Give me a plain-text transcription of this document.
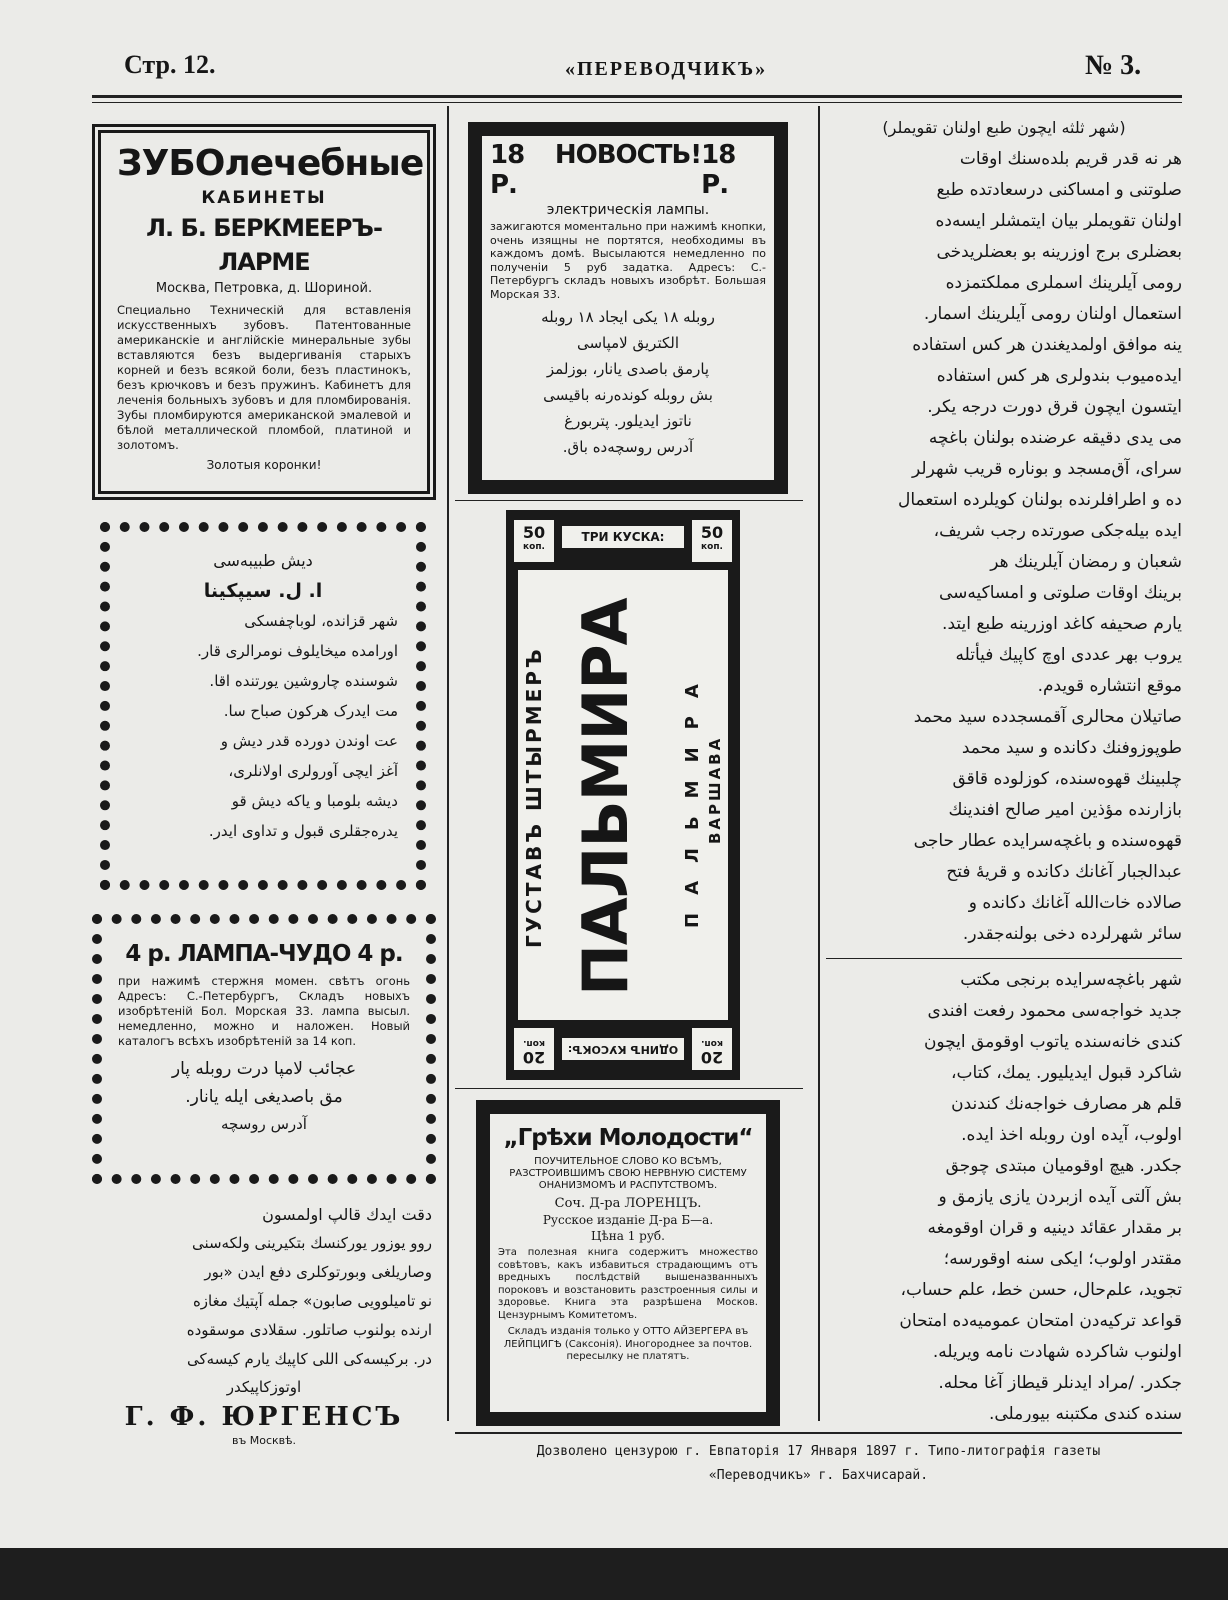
Стр. 12.	«ПЕРЕВОДЧИКЪ»	№ 3.
ЗУБОлечебные
КАБИНЕТЫ
Л. Б. БЕРКМЕЕРЪ-ЛАРМЕ
Москва, Петровка, д. Шориной.
Специально Техническій для вставленія искусственныхъ зубовъ. Патентованные американскіе и англійскіе минеральные зубы вставляются безъ выдергиванія старыхъ корней и безъ всякой боли, безъ пластинокъ, безъ крючковъ и безъ пружинъ. Кабинетъ для леченія больныхъ зубовъ и для пломбированія. Зубы пломбируются американской эмалевой и бѣлой металлической пломбой, платиной и золотомъ.
Золотыя коронки!
دیش طبیبەسی
ا. ل. سیپکینا
شهر قزانده، لوباچفسکی
اورامده میخایلوف نومرالری قار.
شوسنده چاروشین یورتنده اقا.
مت ایدرک هرکون صباح سا.
عت اوندن دورده قدر دیش و
آغز ایچی آورولری اولانلری،
دیشه بلومبا و یاکه دیش قو
یدرەجقلری قبول و تداوی ایدر.
4 р. ЛАМПА-ЧУДО 4 р.
при нажимѣ стержня момен. свѣтъ огонь Адресъ: С.-Петербургъ, Складъ новыхъ изобрѣтеній Бол. Морская 33. лампа высыл. немедленно, можно и наложен. Новый каталогъ всѣхъ изобрѣтеній за 14 коп.
عجائب لامپا درت روبله پار
مق باصدیغی ایله یانار.
آدرس روسچه
دقت ایدك قالپ اولمسون
روو یوزور یورکنسك بتکیرینی ولکەسنی
وصاریلغی وبورتوکلری دفع ایدن «بور
نو تامیلوویی صابون» جمله آپتیك مغازه
ارنده بولنوب صاتلور. سقلادی موسقوده
در. برکیسەکی اللی کاپیك یارم کیسه‌کی
اوتوزکاپیکدر
Г. Ф. ЮРГЕНСЪ
въ Москвѣ.
18 Р.
НОВОСТЬ! 18 Р.
электрическія лампы.
зажигаются моментально при нажимѣ кнопки, очень изящны не портятся, необходимы въ каждомъ домѣ. Высылаются немедленно по полученіи 5 руб задатка. Адресъ: С.-Петербургъ складъ новыхъ изобрѣт. Большая Морская 33.
روبله ۱۸ یکی ایجاد ۱۸ روبله
الکتریق لامپاسی
پارمق باصدی یانار، بوزلمز
بش روبله کوندەرنە باقیسی
ناتوز ایدیلور. پتربورغ
آدرس روسچه‌ده باق.
50
коп.
50
коп.
ТРИ КУСКА:
20
коп.
20
коп.
ОДИНЪ КУСОКЪ:
ГУСТАВЪ ШТЫРМЕРЪ ПАЛЬМИРА ПАЛЬМИРА ВАРШАВА
„Грѣхи Молодости“
ПОУЧИТЕЛЬНОЕ СЛОВО КО ВСѢМЪ, РАЗСТРОИВШИМЪ СВОЮ НЕРВНУЮ СИСТЕМУ ОНАНИЗМОМЪ И РАСПУТСТВОМЪ.
Соч. Д-ра ЛОРЕНЦЪ.
Русское изданіе Д-ра Б—а.
Цѣна 1 руб.
Эта полезная книга содержитъ множество совѣтовъ, какъ избавиться страдающимъ отъ вредныхъ послѣдствій вышеназванныхъ пороковъ и возстановить разстроенныя силы и здоровье. Книга эта разрѣшена Москов. Цензурнымъ Комитетомъ.
Складъ изданія только у ОТТО АЙЗЕРГЕРА въ ЛЕЙПЦИГѢ (Саксонія). Иногороднее за почтов. пересылку не платятъ.
(شهر ثلثه ایچون طبع اولنان تقویملر)
هر نه قدر قریم بلدەسنك اوقات
صلوتنی و امساکنی درسعادتده طبع
اولنان تقویملر بیان ایتمشلر ایسەده
بعضلری برج اوزرینه بو بعضلریدخی
رومی آیلرینك اسملری مملکتمزده
استعمال اولنان رومی آیلرینك اسمار.
ینه موافق اولمدیغندن هر کس استفاده
ایدەمیوب بندولری هر کس استفاده
ایتسون ایچون قرق دورت درجه یکر.
می یدی دقیقه عرضنده بولنان باغچه
سرای، آق‌مسجد و بوناره قریب شهرلر
ده و اطرافلرنده بولنان کویلرده استعمال
ایده بیلەجکی صورتده رجب شریف،
شعبان و رمضان آیلرینك هر
برینك اوقات صلوتی و امساکیەسی
یارم صحیفه کاغد اوزرینه طبع ایتد.
یروب بهر عددی اوچ کاپیك فیأتله
موقع انتشاره قویدم.
صاتیلان محالری آقمسجدده سید محمد
طوپوزوفنك دکانده و سید محمد
چلبینك قهوەسنده، کوزلوده قاقق
بازارنده مؤذین امیر صالح افندینك
قهوەسنده و باغچەسرایده عطار حاجی
عبدالجبار آغانك دکانده و قریهٔ فتح
صالاده خات‌الله آغانك دکانده و
سائر شهرلرده دخی بولنەجقدر.
شهر باغچەسرایده برنجی مکتب
جدید خواجەسی محمود رفعت افندی
کندی خانەسنده یاتوب اوقومق ایچون
شاکرد قبول ایدیلیور. یمك، کتاب،
قلم هر مصارف خواجەنك کندندن
اولوب، آیده اون روبله اخذ ایده.
جکدر. هیچ اوقومیان مبتدی چوجق
بش آلتی آیده ازبردن یازی یازمق و
بر مقدار عقائد دینیه و قران اوقومغه
مقتدر اولوب؛ ایکی سنه اوقورسه؛
تجوید، علم‌حال، حسن خط، علم حساب،
قواعد ترکیه‌دن امتحان عمومیه‌ده امتحان
اولنوب شاکرده شهادت نامه ویریله.
جکدر. /مراد ایدنلر قیطاز آغا محله.
سنده کندی مکتبنه بیورملی.
Дозволено цензурою г. Евпаторія 17 Января 1897 г. Типо-литографія газеты
«Переводчикъ» г. Бахчисарай.
